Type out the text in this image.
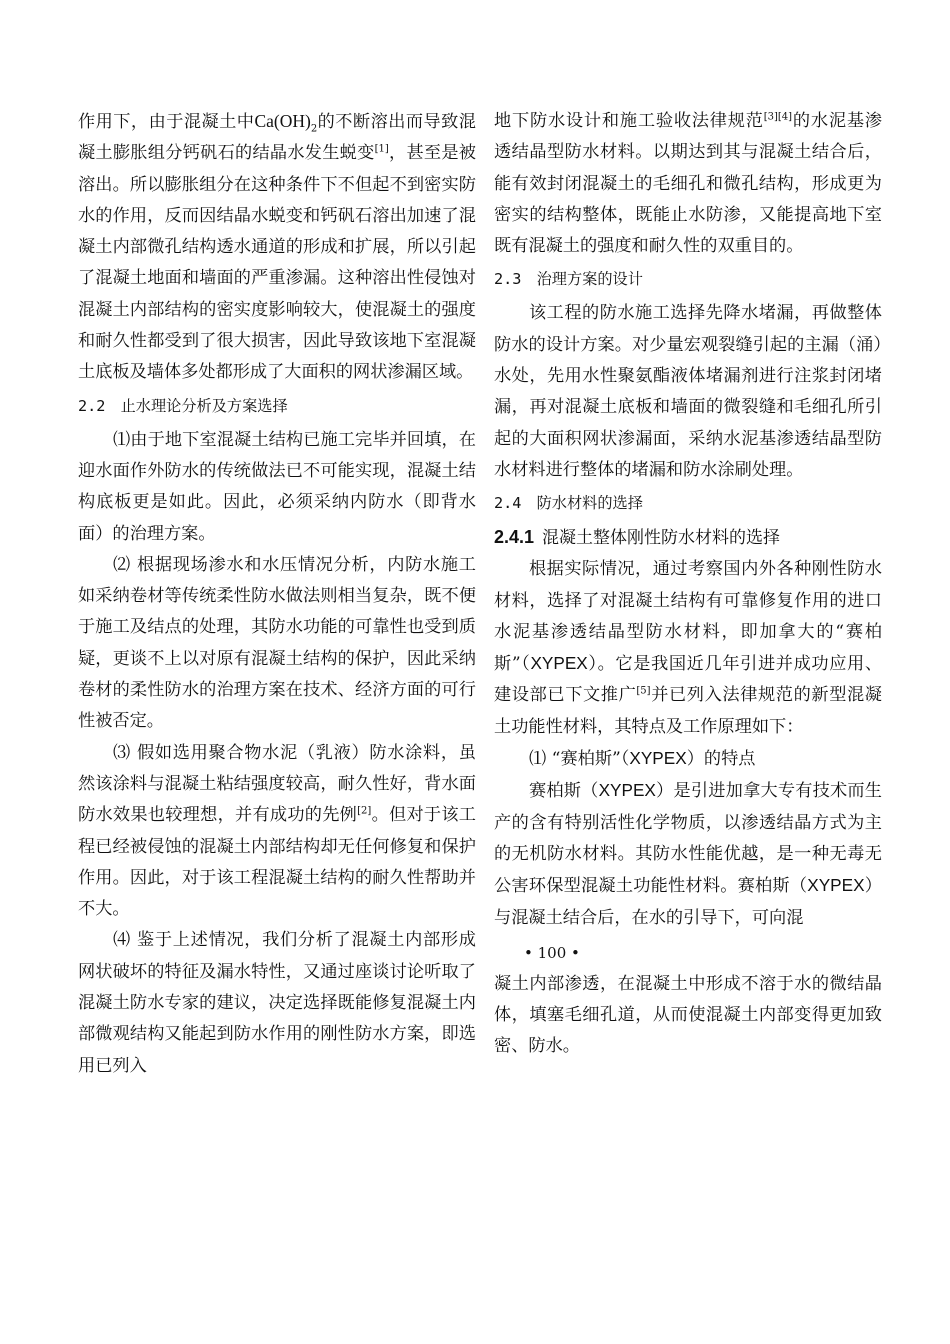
作用下，由于混凝土中$Ca(OH)_2$的不断溶出而导致混凝土膨胀组分钙矾石的结晶水发生蜕变[1]，甚至是被溶出。所以膨胀组分在这种条件下不但起不到密实防水的作用，反而因结晶水蜕变和钙矾石溶出加速了混凝土内部微孔结构透水通道的形成和扩展，所以引起了混凝土地面和墙面的严重渗漏。这种溶出性侵蚀对混凝土内部结构的密实度影响较大，使混凝土的强度和耐久性都受到了很大损害，因此导致该地下室混凝土底板及墙体多处都形成了大面积的网状渗漏区域。

2.2　止水理论分析及方案选择

⑴由于地下室混凝土结构已施工完毕并回填，在迎水面作外防水的传统做法已不可能实现，混凝土结构底板更是如此。因此，必须采纳内防水（即背水面）的治理方案。

⑵ 根据现场渗水和水压情况分析，内防水施工如采纳卷材等传统柔性防水做法则相当复杂，既不便于施工及结点的处理，其防水功能的可靠性也受到质疑，更谈不上以对原有混凝土结构的保护，因此采纳卷材的柔性防水的治理方案在技术、经济方面的可行性被否定。

⑶ 假如选用聚合物水泥（乳液）防水涂料，虽然该涂料与混凝土粘结强度较高，耐久性好，背水面防水效果也较理想，并有成功的先例[2]。但对于该工程已经被侵蚀的混凝土内部结构却无任何修复和保护作用。因此，对于该工程混凝土结构的耐久性帮助并不大。

⑷ 鉴于上述情况，我们分析了混凝土内部形成网状破坏的特征及漏水特性，又通过座谈讨论听取了混凝土防水专家的建议，决定选择既能修复混凝土内部微观结构又能起到防水作用的刚性防水方案，即选用已列入

地下防水设计和施工验收法律规范[3][4]的水泥基渗透结晶型防水材料。以期达到其与混凝土结合后，能有效封闭混凝土的毛细孔和微孔结构，形成更为密实的结构整体，既能止水防渗，又能提高地下室既有混凝土的强度和耐久性的双重目的。

2.3　治理方案的设计

该工程的防水施工选择先降水堵漏，再做整体防水的设计方案。对少量宏观裂缝引起的主漏（涌）水处，先用水性聚氨酯液体堵漏剂进行注浆封闭堵漏，再对混凝土底板和墙面的微裂缝和毛细孔所引起的大面积网状渗漏面，采纳水泥基渗透结晶型防水材料进行整体的堵漏和防水涂刷处理。

2.4　防水材料的选择

2.4.1 混凝土整体刚性防水材料的选择

根据实际情况，通过考察国内外各种刚性防水材料，选择了对混凝土结构有可靠修复作用的进口水泥基渗透结晶型防水材料，即加拿大的“赛柏斯”（XYPEX）。它是我国近几年引进并成功应用、建设部已下文推广[5]并已列入法律规范的新型混凝土功能性材料，其特点及工作原理如下：

⑴ “赛柏斯”（XYPEX）的特点

赛柏斯（XYPEX）是引进加拿大专有技术而生产的含有特别活性化学物质，以渗透结晶方式为主的无机防水材料。其防水性能优越，是一种无毒无公害环保型混凝土功能性材料。赛柏斯（XYPEX）与混凝土结合后，在水的引导下，可向混

• 100 •

凝土内部渗透，在混凝土中形成不溶于水的微结晶体，填塞毛细孔道，从而使混凝土内部变得更加致密、防水。
